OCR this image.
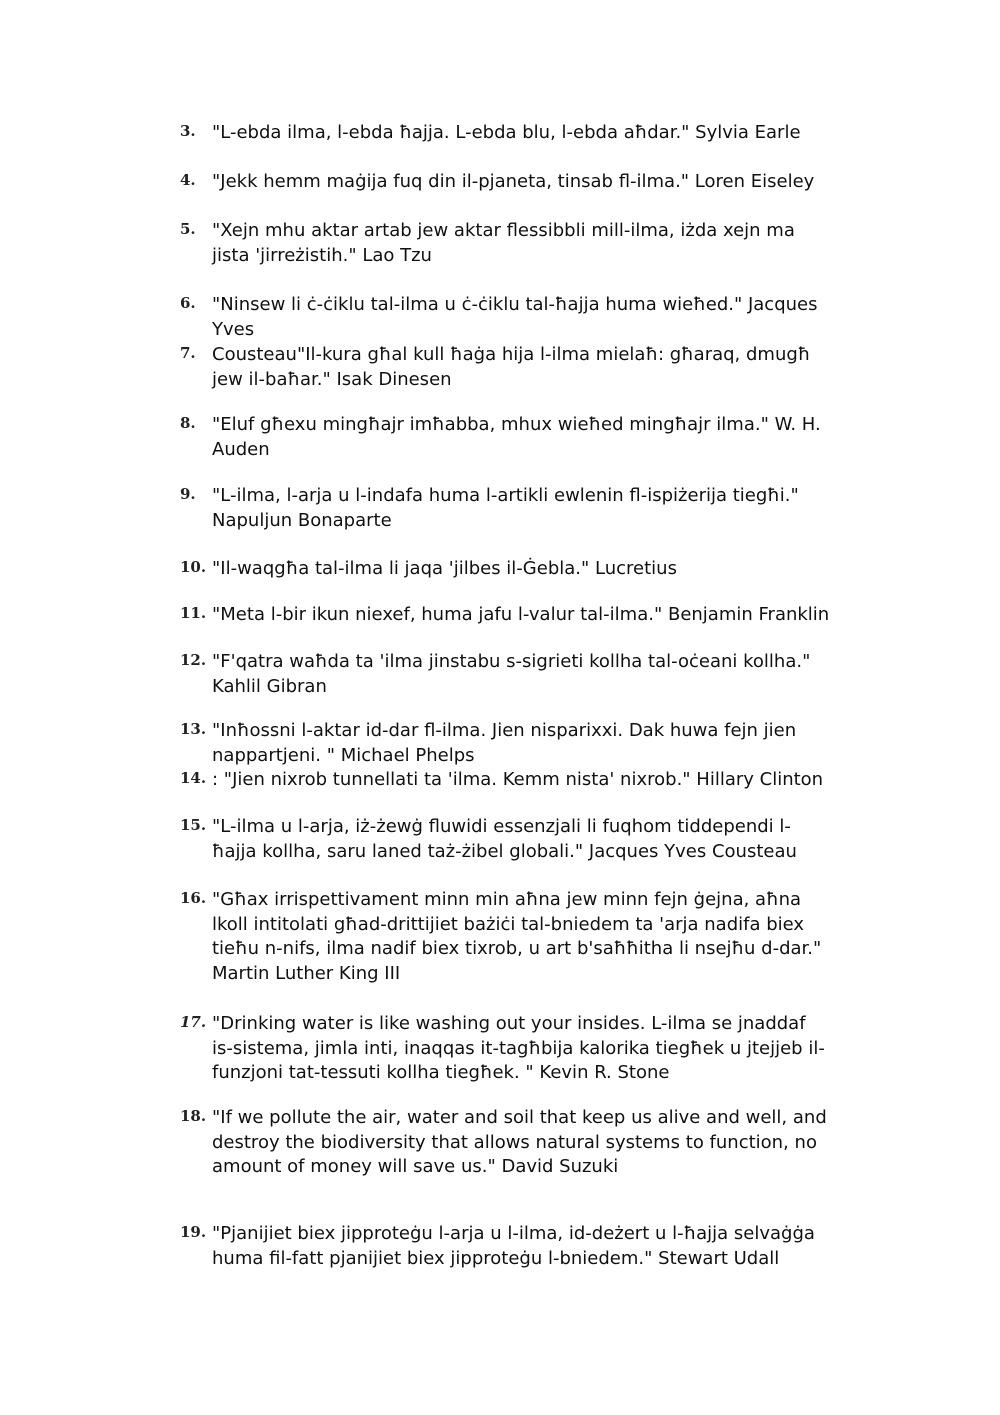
3. "L-ebda ilma, l-ebda ħajja. L-ebda blu, l-ebda aħdar." Sylvia Earle
4. "Jekk hemm maġija fuq din il-pjaneta, tinsab fl-ilma." Loren Eiseley
5. "Xejn mhu aktar artab jew aktar flessibbli mill-ilma, iżda xejn ma
jista 'jirreżistih." Lao Tzu
6. "Ninsew li ċ-ċiklu tal-ilma u ċ-ċiklu tal-ħajja huma wieħed." Jacques
Yves
7. Cousteau"Il-kura għal kull ħaġa hija l-ilma mielaħ: għaraq, dmugħ
jew il-baħar." Isak Dinesen
8. "Eluf għexu mingħajr imħabba, mhux wieħed mingħajr ilma." W. H.
Auden
9. "L-ilma, l-arja u l-indafa huma l-artikli ewlenin fl-ispiżerija tiegħi."
Napuljun Bonaparte
10. "Il-waqgħa tal-ilma li jaqa 'jilbes il-Ġebla." Lucretius
11. "Meta l-bir ikun niexef, huma jafu l-valur tal-ilma." Benjamin Franklin
12. "F'qatra waħda ta 'ilma jinstabu s-sigrieti kollha tal-oċeani kollha."
Kahlil Gibran
13. "Inħossni l-aktar id-dar fl-ilma. Jien nisparixxi. Dak huwa fejn jien
nappartjeni. " Michael Phelps
14. : "Jien nixrob tunnellati ta 'ilma. Kemm nista' nixrob." Hillary Clinton
15. "L-ilma u l-arja, iż-żewġ fluwidi essenzjali li fuqhom tiddependi l-
ħajja kollha, saru laned taż-żibel globali." Jacques Yves Cousteau
16. "Għax irrispettivament minn min aħna jew minn fejn ġejna, aħna
lkoll intitolati għad-drittijiet bażiċi tal-bniedem ta 'arja nadifa biex
tieħu n-nifs, ilma nadif biex tixrob, u art b'saħħitha li nsejħu d-dar."
Martin Luther King III
17. "Drinking water is like washing out your insides. L-ilma se jnaddaf
is-sistema, jimla inti, inaqqas it-tagħbija kalorika tiegħek u jtejjeb il-
funzjoni tat-tessuti kollha tiegħek. " Kevin R. Stone
18. "If we pollute the air, water and soil that keep us alive and well, and
destroy the biodiversity that allows natural systems to function, no
amount of money will save us." David Suzuki
19. "Pjanijiet biex jipproteġu l-arja u l-ilma, id-deżert u l-ħajja selvaġġa
huma fil-fatt pjanijiet biex jipproteġu l-bniedem." Stewart Udall
